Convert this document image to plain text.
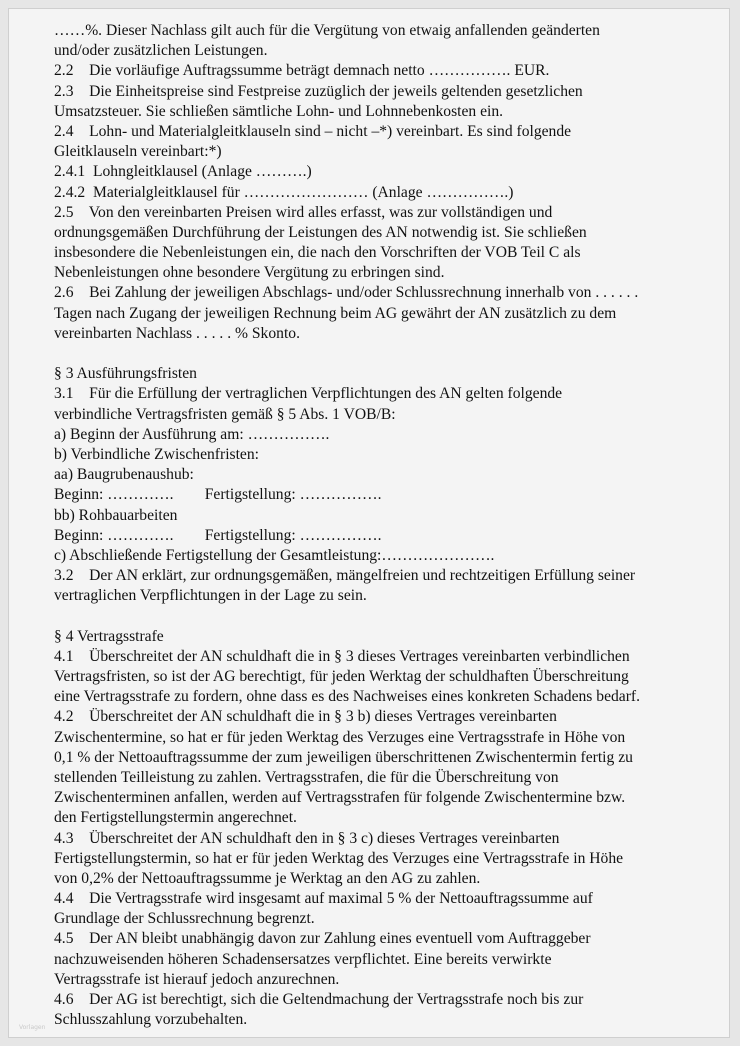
……%. Dieser Nachlass gilt auch für die Vergütung von etwaig anfallenden geänderten
und/oder zusätzlichen Leistungen.
2.2    Die vorläufige Auftragssumme beträgt demnach netto ……………. EUR.
2.3    Die Einheitspreise sind Festpreise zuzüglich der jeweils geltenden gesetzlichen
Umsatzsteuer. Sie schließen sämtliche Lohn- und Lohnnebenkosten ein.
2.4    Lohn- und Materialgleitklauseln sind – nicht –*) vereinbart. Es sind folgende
Gleitklauseln vereinbart:*)
2.4.1  Lohngleitklausel (Anlage ……….)
2.4.2  Materialgleitklausel für …………………… (Anlage …………….)
2.5    Von den vereinbarten Preisen wird alles erfasst, was zur vollständigen und
ordnungsgemäßen Durchführung der Leistungen des AN notwendig ist. Sie schließen
insbesondere die Nebenleistungen ein, die nach den Vorschriften der VOB Teil C als
Nebenleistungen ohne besondere Vergütung zu erbringen sind.
2.6    Bei Zahlung der jeweiligen Abschlags- und/oder Schlussrechnung innerhalb von . . . . . .
Tagen nach Zugang der jeweiligen Rechnung beim AG gewährt der AN zusätzlich zu dem
vereinbarten Nachlass . . . . . % Skonto.
§ 3 Ausführungsfristen
3.1    Für die Erfüllung der vertraglichen Verpflichtungen des AN gelten folgende
verbindliche Vertragsfristen gemäß § 5 Abs. 1 VOB/B:
a) Beginn der Ausführung am: …………….
b) Verbindliche Zwischenfristen:
aa) Baugrubenaushub:
Beginn: ………….        Fertigstellung: …………….
bb) Rohbauarbeiten
Beginn: ………….        Fertigstellung: …………….
c) Abschließende Fertigstellung der Gesamtleistung:………………….
3.2    Der AN erklärt, zur ordnungsgemäßen, mängelfreien und rechtzeitigen Erfüllung seiner
vertraglichen Verpflichtungen in der Lage zu sein.
§ 4 Vertragsstrafe
4.1    Überschreitet der AN schuldhaft die in § 3 dieses Vertrages vereinbarten verbindlichen
Vertragsfristen, so ist der AG berechtigt, für jeden Werktag der schuldhaften Überschreitung
eine Vertragsstrafe zu fordern, ohne dass es des Nachweises eines konkreten Schadens bedarf.
4.2    Überschreitet der AN schuldhaft die in § 3 b) dieses Vertrages vereinbarten
Zwischentermine, so hat er für jeden Werktag des Verzuges eine Vertragsstrafe in Höhe von
0,1 % der Nettoauftragssumme der zum jeweiligen überschrittenen Zwischentermin fertig zu
stellenden Teilleistung zu zahlen. Vertragsstrafen, die für die Überschreitung von
Zwischenterminen anfallen, werden auf Vertragsstrafen für folgende Zwischentermine bzw.
den Fertigstellungstermin angerechnet.
4.3    Überschreitet der AN schuldhaft den in § 3 c) dieses Vertrages vereinbarten
Fertigstellungstermin, so hat er für jeden Werktag des Verzuges eine Vertragsstrafe in Höhe
von 0,2% der Nettoauftragssumme je Werktag an den AG zu zahlen.
4.4    Die Vertragsstrafe wird insgesamt auf maximal 5 % der Nettoauftragssumme auf
Grundlage der Schlussrechnung begrenzt.
4.5    Der AN bleibt unabhängig davon zur Zahlung eines eventuell vom Auftraggeber
nachzuweisenden höheren Schadensersatzes verpflichtet. Eine bereits verwirkte
Vertragsstrafe ist hierauf jedoch anzurechnen.
4.6    Der AG ist berechtigt, sich die Geltendmachung der Vertragsstrafe noch bis zur
Schlusszahlung vorzubehalten.
Vorlagen
